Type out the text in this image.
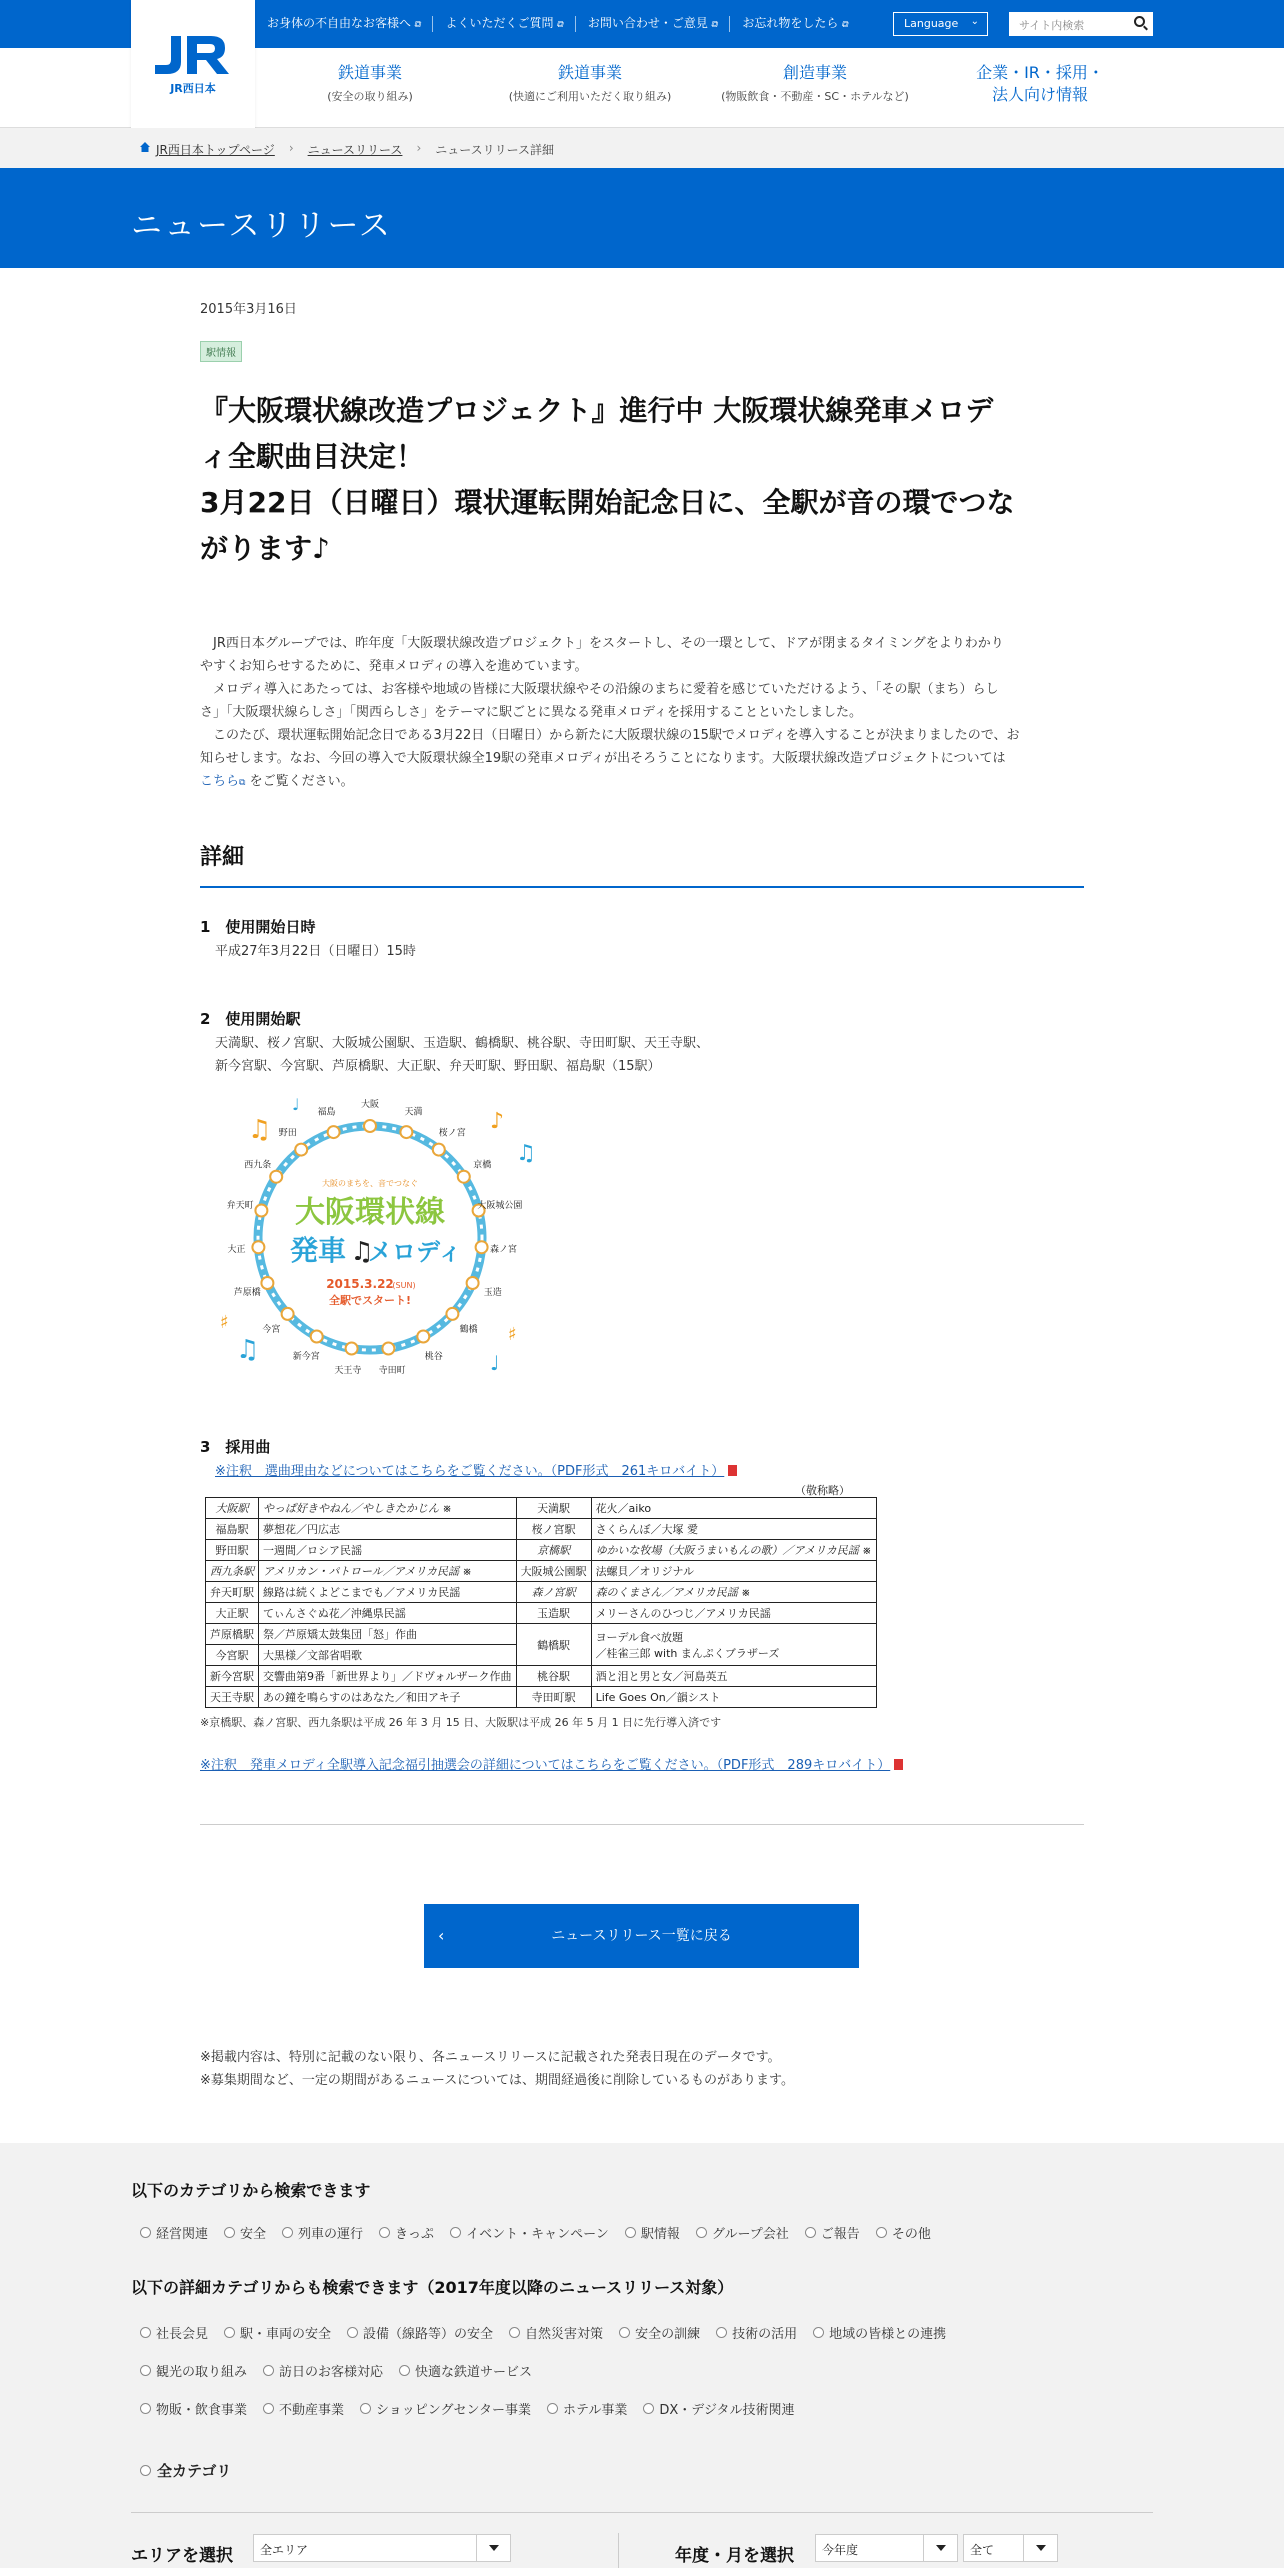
お身体の不自由なお客様へ ⧉	よくいただくご質問 ⧉	お問い合わせ・ご意見 ⧉	お忘れ物をしたら ⧉	Language ⌄	サイト内検索
鉄道事業
(安全の取り組み)
鉄道事業
(快適にご利用いただく取り組み)
創造事業
(物販飲食・不動産・SC・ホテルなど)
企業・IR・採用・
法人向け情報
JR西日本
JR西日本トップページ › ニュースリリース › ニュースリリース詳細
ニュースリリース
2015年3月16日
駅情報
『大阪環状線改造プロジェクト』進行中 大阪環状線発車メロデ
ィ全駅曲目決定！
3月22日（日曜日）環状運転開始記念日に、全駅が音の環でつな
がります♪
　JR西日本グループでは、昨年度「大阪環状線改造プロジェクト」をスタートし、その一環として、ドアが閉まるタイミングをよりわかり
やすくお知らせするために、発車メロディの導入を進めています。
　メロディ導入にあたっては、お客様や地域の皆様に大阪環状線やその沿線のまちに愛着を感じていただけるよう、「その駅（まち）らし
さ」「大阪環状線らしさ」「関西らしさ」をテーマに駅ごとに異なる発車メロディを採用することといたしました。
　このたび、環状運転開始記念日である3月22日（日曜日）から新たに大阪環状線の15駅でメロディを導入することが決まりましたので、お
知らせします。なお、今回の導入で大阪環状線全19駅の発車メロディが出そろうことになります。大阪環状線改造プロジェクトについては
こちら⧉ をご覧ください。
詳細
1　使用開始日時
平成27年3月22日（日曜日）15時
2　使用開始駅
天満駅、桜ノ宮駅、大阪城公園駅、玉造駅、鶴橋駅、桃谷駅、寺田町駅、天王寺駅、
新今宮駅、今宮駅、芦原橋駅、大正駅、弁天町駅、野田駅、福島駅（15駅）
大阪
天満
桜ノ宮
京橋
大阪城公園
森ノ宮
玉造
鶴橋
桃谷
寺田町
天王寺
新今宮
今宮
芦原橋
大正
弁天町
西九条
野田
福島
大阪のまちを、音でつなぐ
大阪環状線
発車 ♫
メロディ
2015.3.22
(SUN)
全駅でスタート!
♫	♪
♩
♫
♫
♯
♯
♩
3　採用曲
※注釈　選曲理由などについてはこちらをご覧ください。（PDF形式　261キロバイト）
（敬称略）
大阪駅	やっぱ好きやねん／やしきたかじん ※	天満駅	花火／aiko

福島駅	夢想花／円広志	桜ノ宮駅	さくらんぼ／大塚 愛

野田駅	一週間／ロシア民謡	京橋駅	ゆかいな牧場（大阪うまいもんの歌）／アメリカ民謡 ※

西九条駅	アメリカン・パトロール／アメリカ民謡 ※	大阪城公園駅	法螺貝／オリジナル

弁天町駅	線路は続くよどこまでも／アメリカ民謡	森ノ宮駅	森のくまさん／アメリカ民謡 ※

大正駅	てぃんさぐぬ花／沖縄県民謡	玉造駅	メリーさんのひつじ／アメリカ民謡

芦原橋駅	祭／芦原矯太鼓集団「怒」作曲	鶴橋駅	ヨーデル食べ放題
／桂雀三郎 with まんぷくブラザーズ

今宮駅	大黒様／文部省唱歌		
新今宮駅	交響曲第9番「新世界より」／ドヴォルザーク作曲	桃谷駅	酒と泪と男と女／河島英五

天王寺駅	あの鐘を鳴らすのはあなた／和田アキ子	寺田町駅	Life Goes On／韻シスト
※京橋駅、森ノ宮駅、西九条駅は平成 26 年 3 月 15 日、大阪駅は平成 26 年 5 月 1 日に先行導入済です
※注釈　発車メロディ全駅導入記念福引抽選会の詳細についてはこちらをご覧ください。（PDF形式　289キロバイト）
‹	ニュースリリース一覧に戻る
※掲載内容は、特別に記載のない限り、各ニュースリリースに記載された発表日現在のデータです。
※募集期間など、一定の期間があるニュースについては、期間経過後に削除しているものがあります。
以下のカテゴリから検索できます
経営関連 安全 列車の運行 きっぷ イベント・キャンペーン 駅情報 グループ会社 ご報告 その他
以下の詳細カテゴリからも検索できます（2017年度以降のニュースリリース対象）
社長会見 駅・車両の安全 設備（線路等）の安全 自然災害対策 安全の訓練 技術の活用 地域の皆様との連携
観光の取り組み 訪日のお客様対応 快適な鉄道サービス
物販・飲食事業 不動産事業 ショッピングセンター事業 ホテル事業 DX・デジタル技術関連
全カテゴリ
エリアを選択	全エリア	年度・月を選択	今年度	全て
